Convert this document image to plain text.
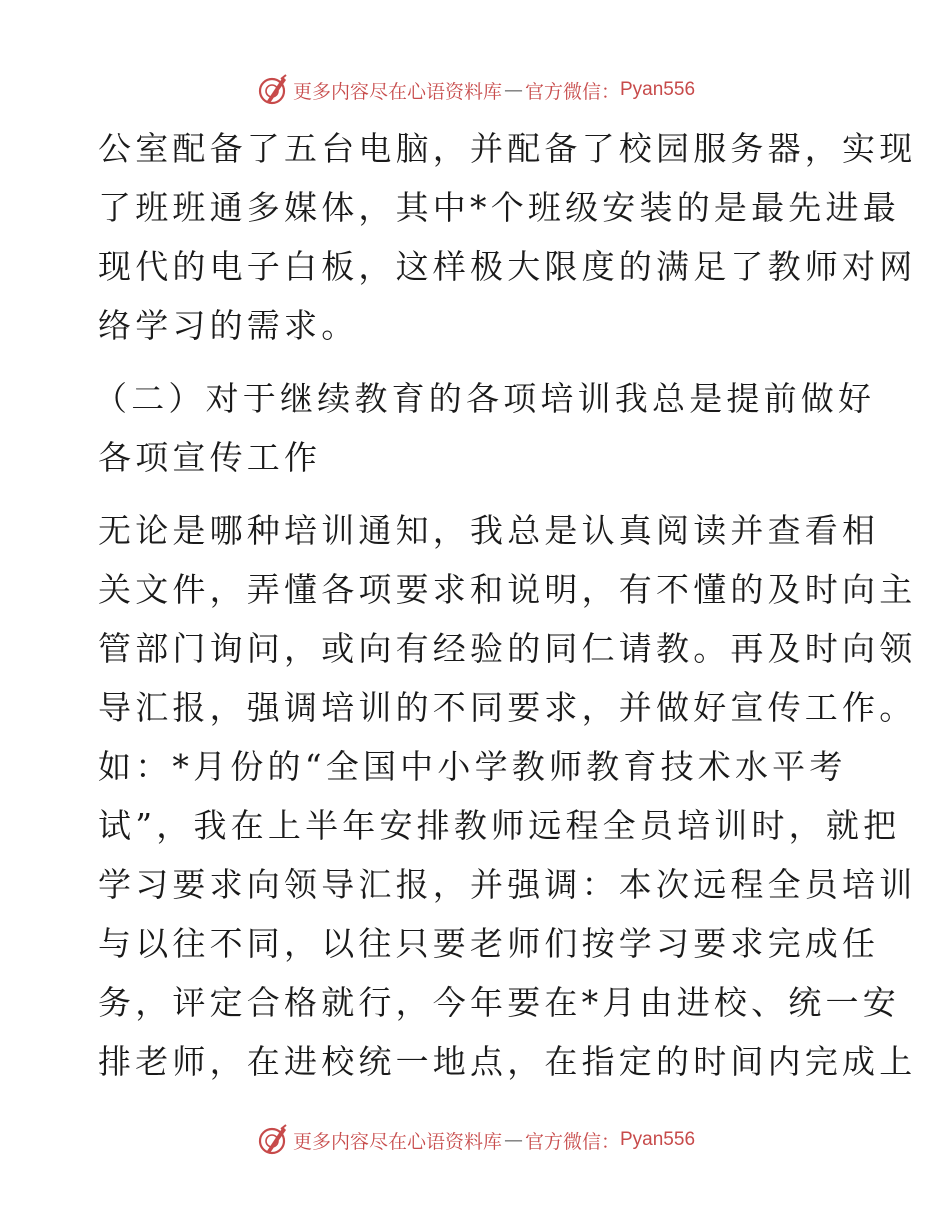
更多内容尽在心语资料库 — 官方微信： Pyan556
公室配备了五台电脑，并配备了校园服务器，实现
了班班通多媒体，其中*个班级安装的是最先进最
现代的电子白板，这样极大限度的满足了教师对网
络学习的需求。
（二）对于继续教育的各项培训我总是提前做好
各项宣传工作
无论是哪种培训通知，我总是认真阅读并查看相
关文件，弄懂各项要求和说明，有不懂的及时向主
管部门询问，或向有经验的同仁请教。再及时向领
导汇报，强调培训的不同要求，并做好宣传工作。
如：*月份的“全国中小学教师教育技术水平考
试”，我在上半年安排教师远程全员培训时，就把
学习要求向领导汇报，并强调：本次远程全员培训
与以往不同，以往只要老师们按学习要求完成任
务，评定合格就行，今年要在*月由进校、统一安
排老师，在进校统一地点，在指定的时间内完成上
更多内容尽在心语资料库 — 官方微信： Pyan556
